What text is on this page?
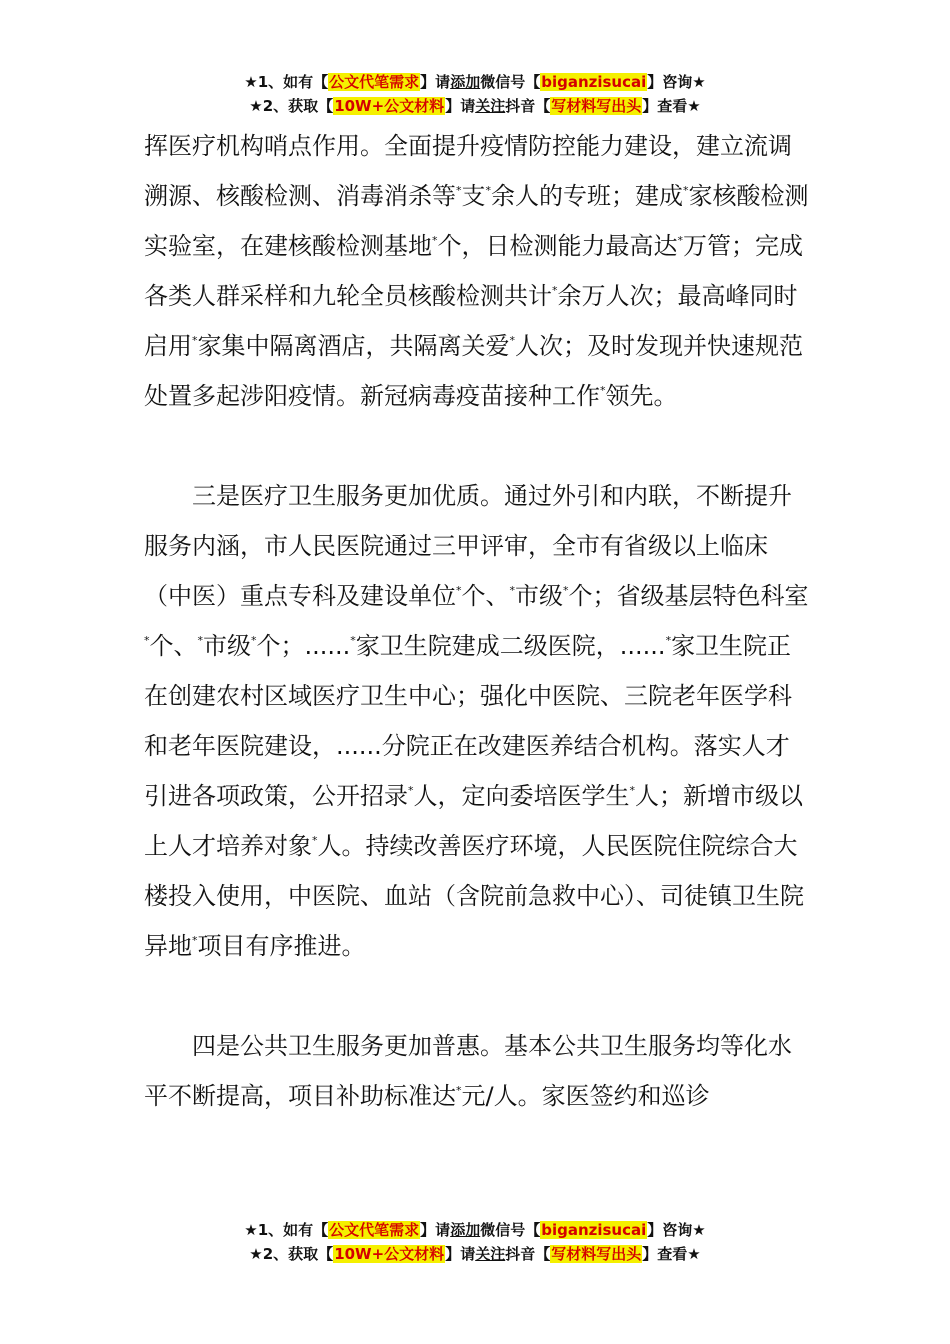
★1、如有【公文代笔需求】请添加微信号【biganzisucai】咨询★
★2、获取【10W+公文材料】请关注抖音【写材料写出头】查看★

挥医疗机构哨点作用。全面提升疫情防控能力建设，建立流调溯源、核酸检测、消毒消杀等*支*余人的专班；建成*家核酸检测实验室，在建核酸检测基地*个，日检测能力最高达*万管；完成各类人群采样和九轮全员核酸检测共计*余万人次；最高峰同时启用*家集中隔离酒店，共隔离关爱*人次；及时发现并快速规范处置多起涉阳疫情。新冠病毒疫苗接种工作*领先。

三是医疗卫生服务更加优质。通过外引和内联，不断提升服务内涵，市人民医院通过三甲评审，全市有省级以上临床（中医）重点专科及建设单位*个、*市级*个；省级基层特色科室*个、*市级*个；......*家卫生院建成二级医院，......*家卫生院正在创建农村区域医疗卫生中心；强化中医院、三院老年医学科和老年医院建设，......分院正在改建医养结合机构。落实人才引进各项政策，公开招录*人，定向委培医学生*人；新增市级以上人才培养对象*人。持续改善医疗环境，人民医院住院综合大楼投入使用，中医院、血站（含院前急救中心）、司徒镇卫生院异地*项目有序推进。

四是公共卫生服务更加普惠。基本公共卫生服务均等化水平不断提高，项目补助标准达*元/人。家医签约和巡诊

★1、如有【公文代笔需求】请添加微信号【biganzisucai】咨询★
★2、获取【10W+公文材料】请关注抖音【写材料写出头】查看★
